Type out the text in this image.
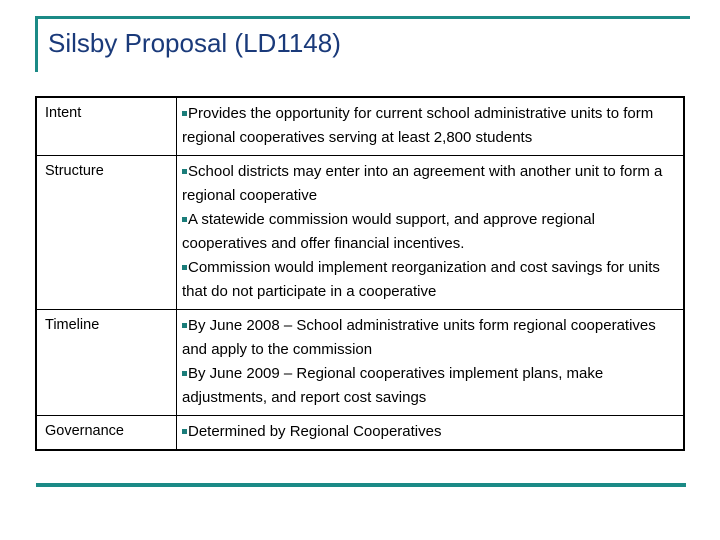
Silsby Proposal (LD1148)
Intent	Provides the opportunity for current school administrative units to form regional cooperatives serving at least 2,800 students

Structure	School districts may enter into an agreement with another unit to form a regional cooperative
A statewide commission would support, and approve regional cooperatives and offer financial incentives.
Commission would implement reorganization and cost savings for units that do not participate in a cooperative

Timeline	By June 2008 – School administrative units form regional cooperatives and apply to the commission
By June 2009 – Regional cooperatives implement plans, make adjustments, and report cost savings

Governance	Determined by Regional Cooperatives
